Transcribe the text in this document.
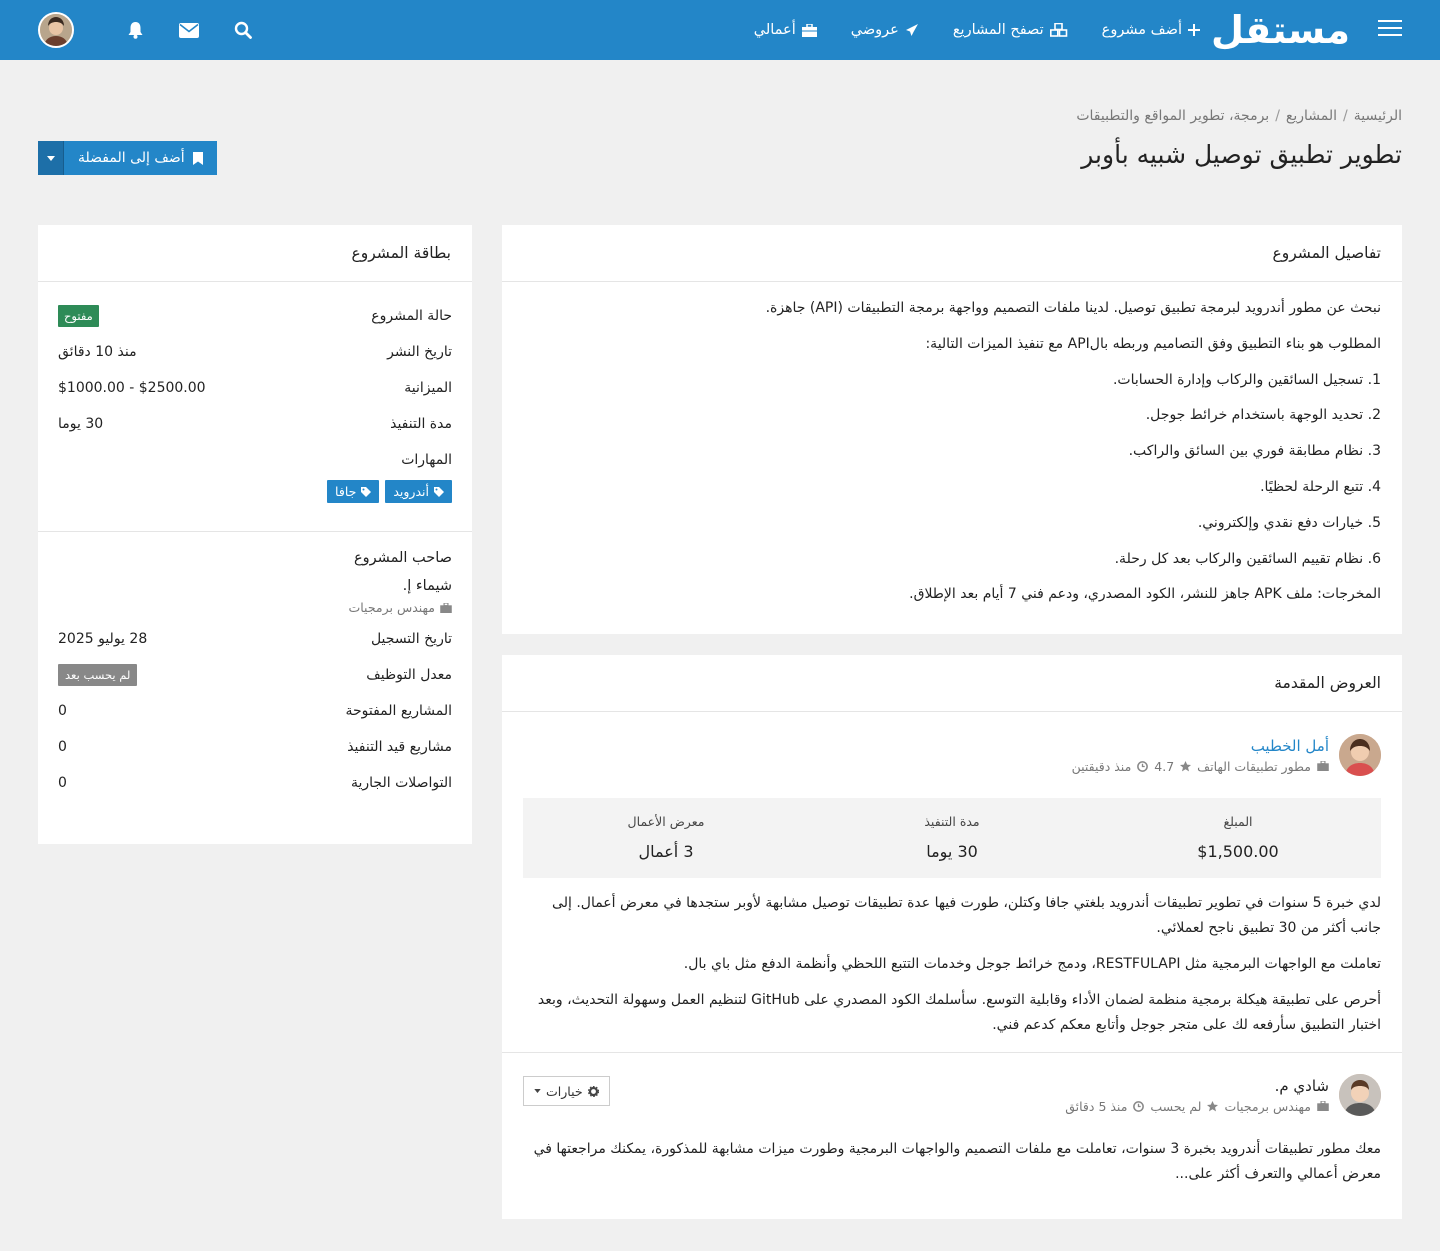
مستقل
أضف مشروع
تصفح المشاريع
عروضي
أعمالي
الرئيسية
/
المشاريع
/
برمجة، تطوير المواقع والتطبيقات
تطوير تطبيق توصيل شبيه بأوبر
أضف إلى المفضلة
تفاصيل المشروع

نبحث عن مطور أندرويد لبرمجة تطبيق توصيل. لدينا ملفات التصميم وواجهة برمجة التطبيقات (API) جاهزة.

المطلوب هو بناء التطبيق وفق التصاميم وربطه بالAPI مع تنفيذ الميزات التالية:

1. تسجيل السائقين والركاب وإدارة الحسابات.

2. تحديد الوجهة باستخدام خرائط جوجل.

3. نظام مطابقة فوري بين السائق والراكب.

4. تتبع الرحلة لحظيًا.

5. خيارات دفع نقدي وإلكتروني.

6. نظام تقييم السائقين والركاب بعد كل رحلة.

المخرجات: ملف APK جاهز للنشر، الكود المصدري، ودعم فني 7 أيام بعد الإطلاق.

بطاقة المشروع
حالة المشروع
مفتوح
تاريخ النشر
منذ 10 دقائق
الميزانية
$1000.00 - $2500.00
مدة التنفيذ
30 يوما
المهارات
أندرويد
جافا
صاحب المشروع
شيماء إ.
مهندس برمجيات
تاريخ التسجيل
28 يوليو 2025
معدل التوظيف
لم يحسب بعد
المشاريع المفتوحة
0
مشاريع قيد التنفيذ
0
التواصلات الجارية
0
العروض المقدمة
أمل الخطيب
مطور تطبيقات الهاتف
4.7
منذ دقيقتين
المبلغ
$1,500.00
مدة التنفيذ
30 يوما
معرض الأعمال
3 أعمال

لدي خبرة 5 سنوات في تطوير تطبيقات أندرويد بلغتي جافا وكتلن، طورت فيها عدة تطبيقات توصيل مشابهة لأوبر ستجدها في معرض أعمال. إلى جانب أكثر من 30 تطبيق ناجح لعملائي.

تعاملت مع الواجهات البرمجية مثل RESTFULAPI، ودمج خرائط جوجل وخدمات التتبع اللحظي وأنظمة الدفع مثل باي بال.

أحرص على تطبيقة هيكلة برمجية منظمة لضمان الأداء وقابلية التوسع. سأسلمك الكود المصدري على GitHub لتنظيم العمل وسهولة التحديث، وبعد اختبار التطبيق سأرفعه لك على متجر جوجل وأتابع معكم كدعم فني.

شادي م.
مهندس برمجيات
لم يحسب
منذ 5 دقائق
خيارات

معك مطور تطبيقات أندرويد بخبرة 3 سنوات، تعاملت مع ملفات التصميم والواجهات البرمجية وطورت ميزات مشابهة للمذكورة، يمكنك مراجعتها في معرض أعمالي والتعرف أكثر على...
